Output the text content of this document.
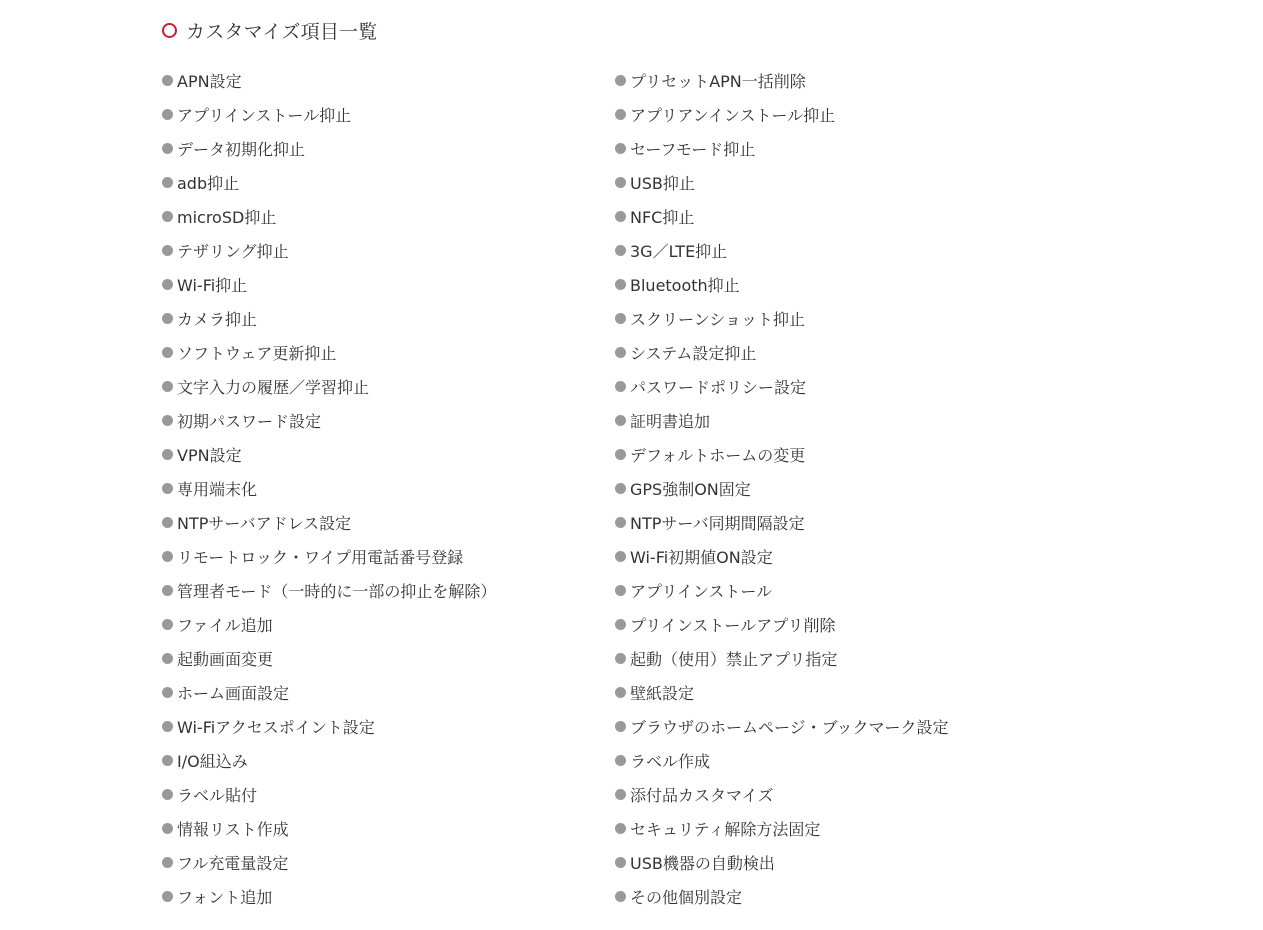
カスタマイズ項目一覧
APN設定
アプリインストール抑止
データ初期化抑止
adb抑止
microSD抑止
テザリング抑止
Wi-Fi抑止
カメラ抑止
ソフトウェア更新抑止
文字入力の履歴／学習抑止
初期パスワード設定
VPN設定
専用端末化
NTPサーバアドレス設定
リモートロック・ワイプ用電話番号登録
管理者モード（一時的に一部の抑止を解除）
ファイル追加
起動画面変更
ホーム画面設定
Wi-Fiアクセスポイント設定
I/O組込み
ラベル貼付
情報リスト作成
フル充電量設定
フォント追加
プリセットAPN一括削除
アプリアンインストール抑止
セーフモード抑止
USB抑止
NFC抑止
3G／LTE抑止
Bluetooth抑止
スクリーンショット抑止
システム設定抑止
パスワードポリシー設定
証明書追加
デフォルトホームの変更
GPS強制ON固定
NTPサーバ同期間隔設定
Wi-Fi初期値ON設定
アプリインストール
プリインストールアプリ削除
起動（使用）禁止アプリ指定
壁紙設定
ブラウザのホームページ・ブックマーク設定
ラベル作成
添付品カスタマイズ
セキュリティ解除方法固定
USB機器の自動検出
その他個別設定
